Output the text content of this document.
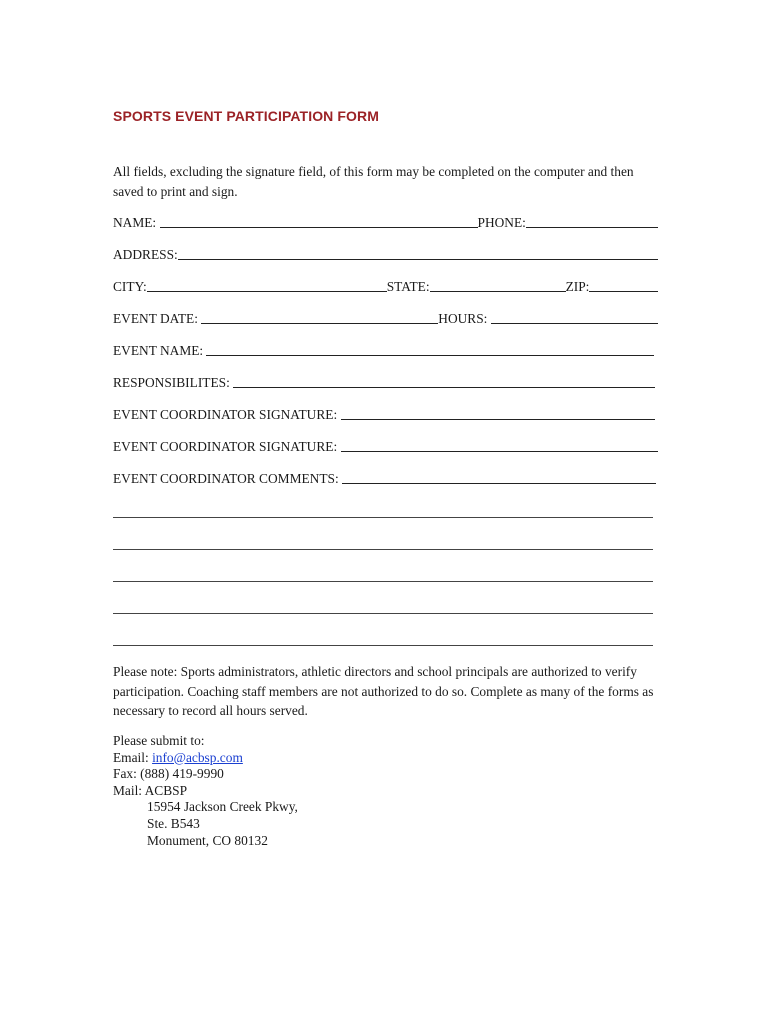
SPORTS EVENT PARTICIPATION FORM
All fields, excluding the signature field, of this form may be completed on the computer and then saved to print and sign.
NAME:	PHONE:
ADDRESS:
CITY:	STATE:	ZIP:
EVENT DATE:	HOURS:
EVENT NAME:
RESPONSIBILITES:
EVENT COORDINATOR SIGNATURE:
EVENT COORDINATOR SIGNATURE:
EVENT COORDINATOR COMMENTS:
Please note: Sports administrators, athletic directors and school principals are authorized to verify participation. Coaching staff members are not authorized to do so. Complete as many of the forms as necessary to record all hours served.
Please submit to:
Email: info@acbsp.com
Fax: (888) 419-9990
Mail: ACBSP
15954 Jackson Creek Pkwy,
Ste. B543
Monument, CO 80132
